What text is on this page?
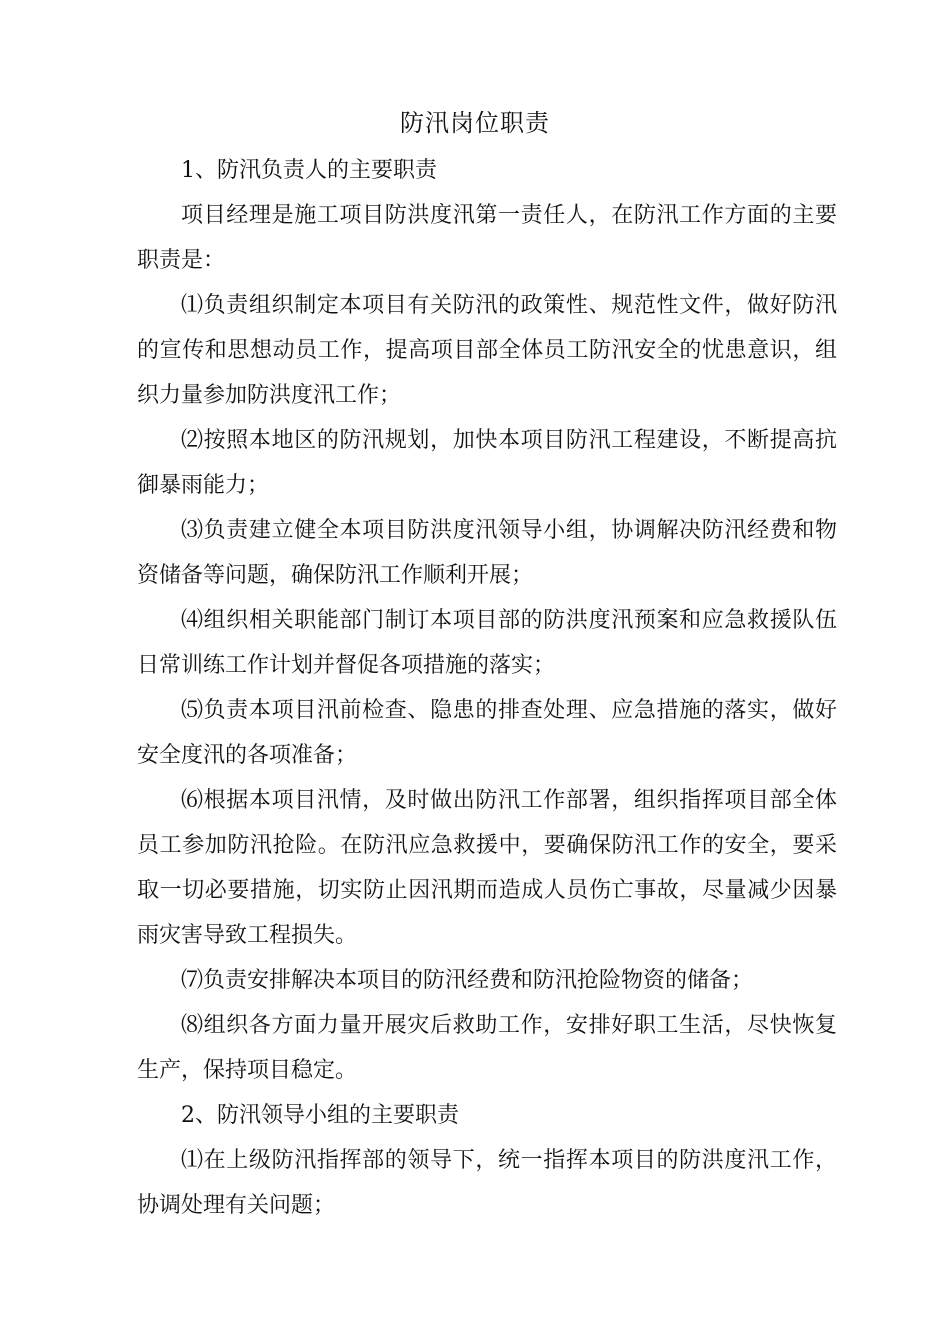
防汛岗位职责

1、防汛负责人的主要职责

项目经理是施工项目防洪度汛第一责任人，在防汛工作方面的主要职责是：

⑴负责组织制定本项目有关防汛的政策性、规范性文件，做好防汛的宣传和思想动员工作，提高项目部全体员工防汛安全的忧患意识，组织力量参加防洪度汛工作；

⑵按照本地区的防汛规划，加快本项目防汛工程建设，不断提高抗御暴雨能力；

⑶负责建立健全本项目防洪度汛领导小组，协调解决防汛经费和物资储备等问题，确保防汛工作顺利开展；

⑷组织相关职能部门制订本项目部的防洪度汛预案和应急救援队伍日常训练工作计划并督促各项措施的落实；

⑸负责本项目汛前检查、隐患的排查处理、应急措施的落实，做好安全度汛的各项准备；

⑹根据本项目汛情，及时做出防汛工作部署，组织指挥项目部全体员工参加防汛抢险。在防汛应急救援中，要确保防汛工作的安全，要采取一切必要措施，切实防止因汛期而造成人员伤亡事故，尽量减少因暴雨灾害导致工程损失。

⑺负责安排解决本项目的防汛经费和防汛抢险物资的储备；

⑻组织各方面力量开展灾后救助工作，安排好职工生活，尽快恢复生产，保持项目稳定。

2、防汛领导小组的主要职责

⑴在上级防汛指挥部的领导下，统一指挥本项目的防洪度汛工作，协调处理有关问题；
